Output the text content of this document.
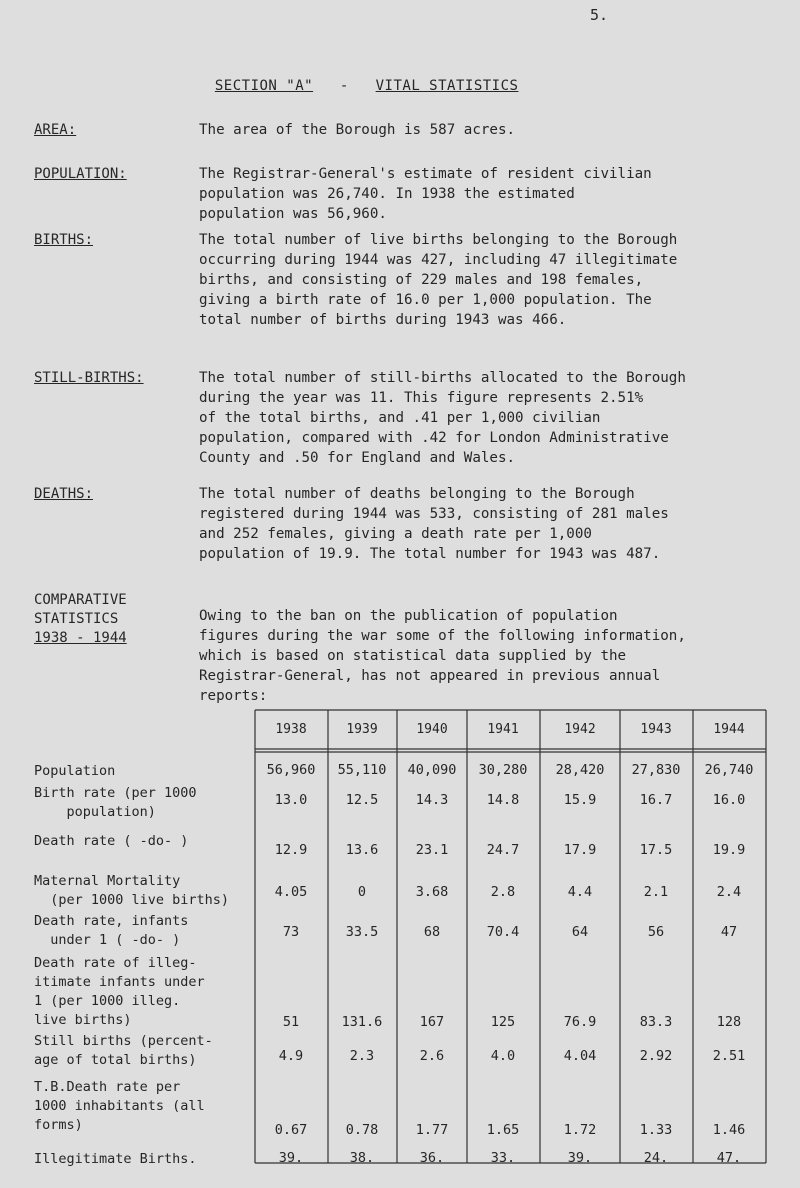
5.

SECTION "A" - VITAL STATISTICS

AREA:	The area of the Borough is 587 acres.
POPULATION:	The Registrar-General's estimate of resident civilian
population was 26,740. In 1938 the estimated
population was 56,960.
BIRTHS:	The total number of live births belonging to the Borough
occurring during 1944 was 427, including 47 illegitimate
births, and consisting of 229 males and 198 females,
giving a birth rate of 16.0 per 1,000 population. The
total number of births during 1943 was 466.
STILL-BIRTHS:	The total number of still-births allocated to the Borough
during the year was 11. This figure represents 2.51%
of the total births, and .41 per 1,000 civilian
population, compared with .42 for London Administrative
County and .50 for England and Wales.
DEATHS:	The total number of deaths belonging to the Borough
registered during 1944 was 533, consisting of 281 males
and 252 females, giving a death rate per 1,000
population of 19.9. The total number for 1943 was 487.
COMPARATIVE
STATISTICS
1938 - 1944
Owing to the ban on the publication of population
figures during the war some of the following information,
which is based on statistical data supplied by the
Registrar-General, has not appeared in previous annual
reports:
1938	1939	1940	1941	1942	1943	1944
Population	56,960	55,110	40,090	30,280	28,420	27,830	26,740
Birth rate (per 1000
population)
13.0	12.5	14.3	14.8	15.9	16.7	16.0
Death rate ( -do- )
12.9	13.6	23.1	24.7	17.9	17.5	19.9
Maternal Mortality
(per 1000 live births)	4.05	0	3.68	2.8	4.4	2.1	2.4
Death rate, infants
under 1 ( -do- )	73	33.5	68	70.4	64	56	47
Death rate of illeg-
itimate infants under
1 (per 1000 illeg.
live births)	51	131.6	167	125	76.9	83.3	128
Still births (percent-
age of total births)	4.9	2.3	2.6	4.0	4.04	2.92	2.51
T.B.Death rate per
1000 inhabitants (all
forms)	0.67	0.78	1.77	1.65	1.72	1.33	1.46
Illegitimate Births.	39.	38.	36.	33.	39.	24.	47.
